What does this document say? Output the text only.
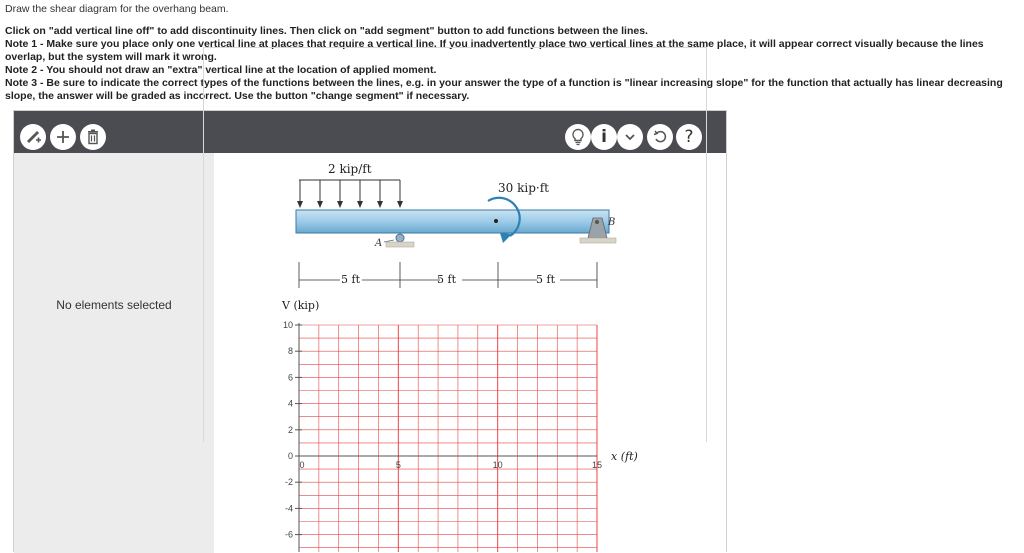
Draw the shear diagram for the overhang beam.
Click on "add vertical line off" to add discontinuity lines. Then click on "add segment" button to add functions between the lines.
Note 1 - Make sure you place only one vertical line at places that require a vertical line. If you inadvertently place two vertical lines at the same place, it will appear correct visually because the lines overlap, but the system will mark it wrong.
Note 2 - You should not draw an "extra" vertical line at the location of applied moment.
Note 3 - Be sure to indicate the correct types of the functions between the lines, e.g. in your answer the type of a function is "linear increasing slope" for the function that actually has linear decreasing slope, the answer will be graded as incorrect. Use the button "change segment" if necessary.
i	?
No elements selected
2 kip/ft
A
30 kip·ft
B
5 ft	5 ft	5 ft
V (kip)
10
8
6
4
2
0
-2
-4
-6
0	5	10	15
x (ft)
